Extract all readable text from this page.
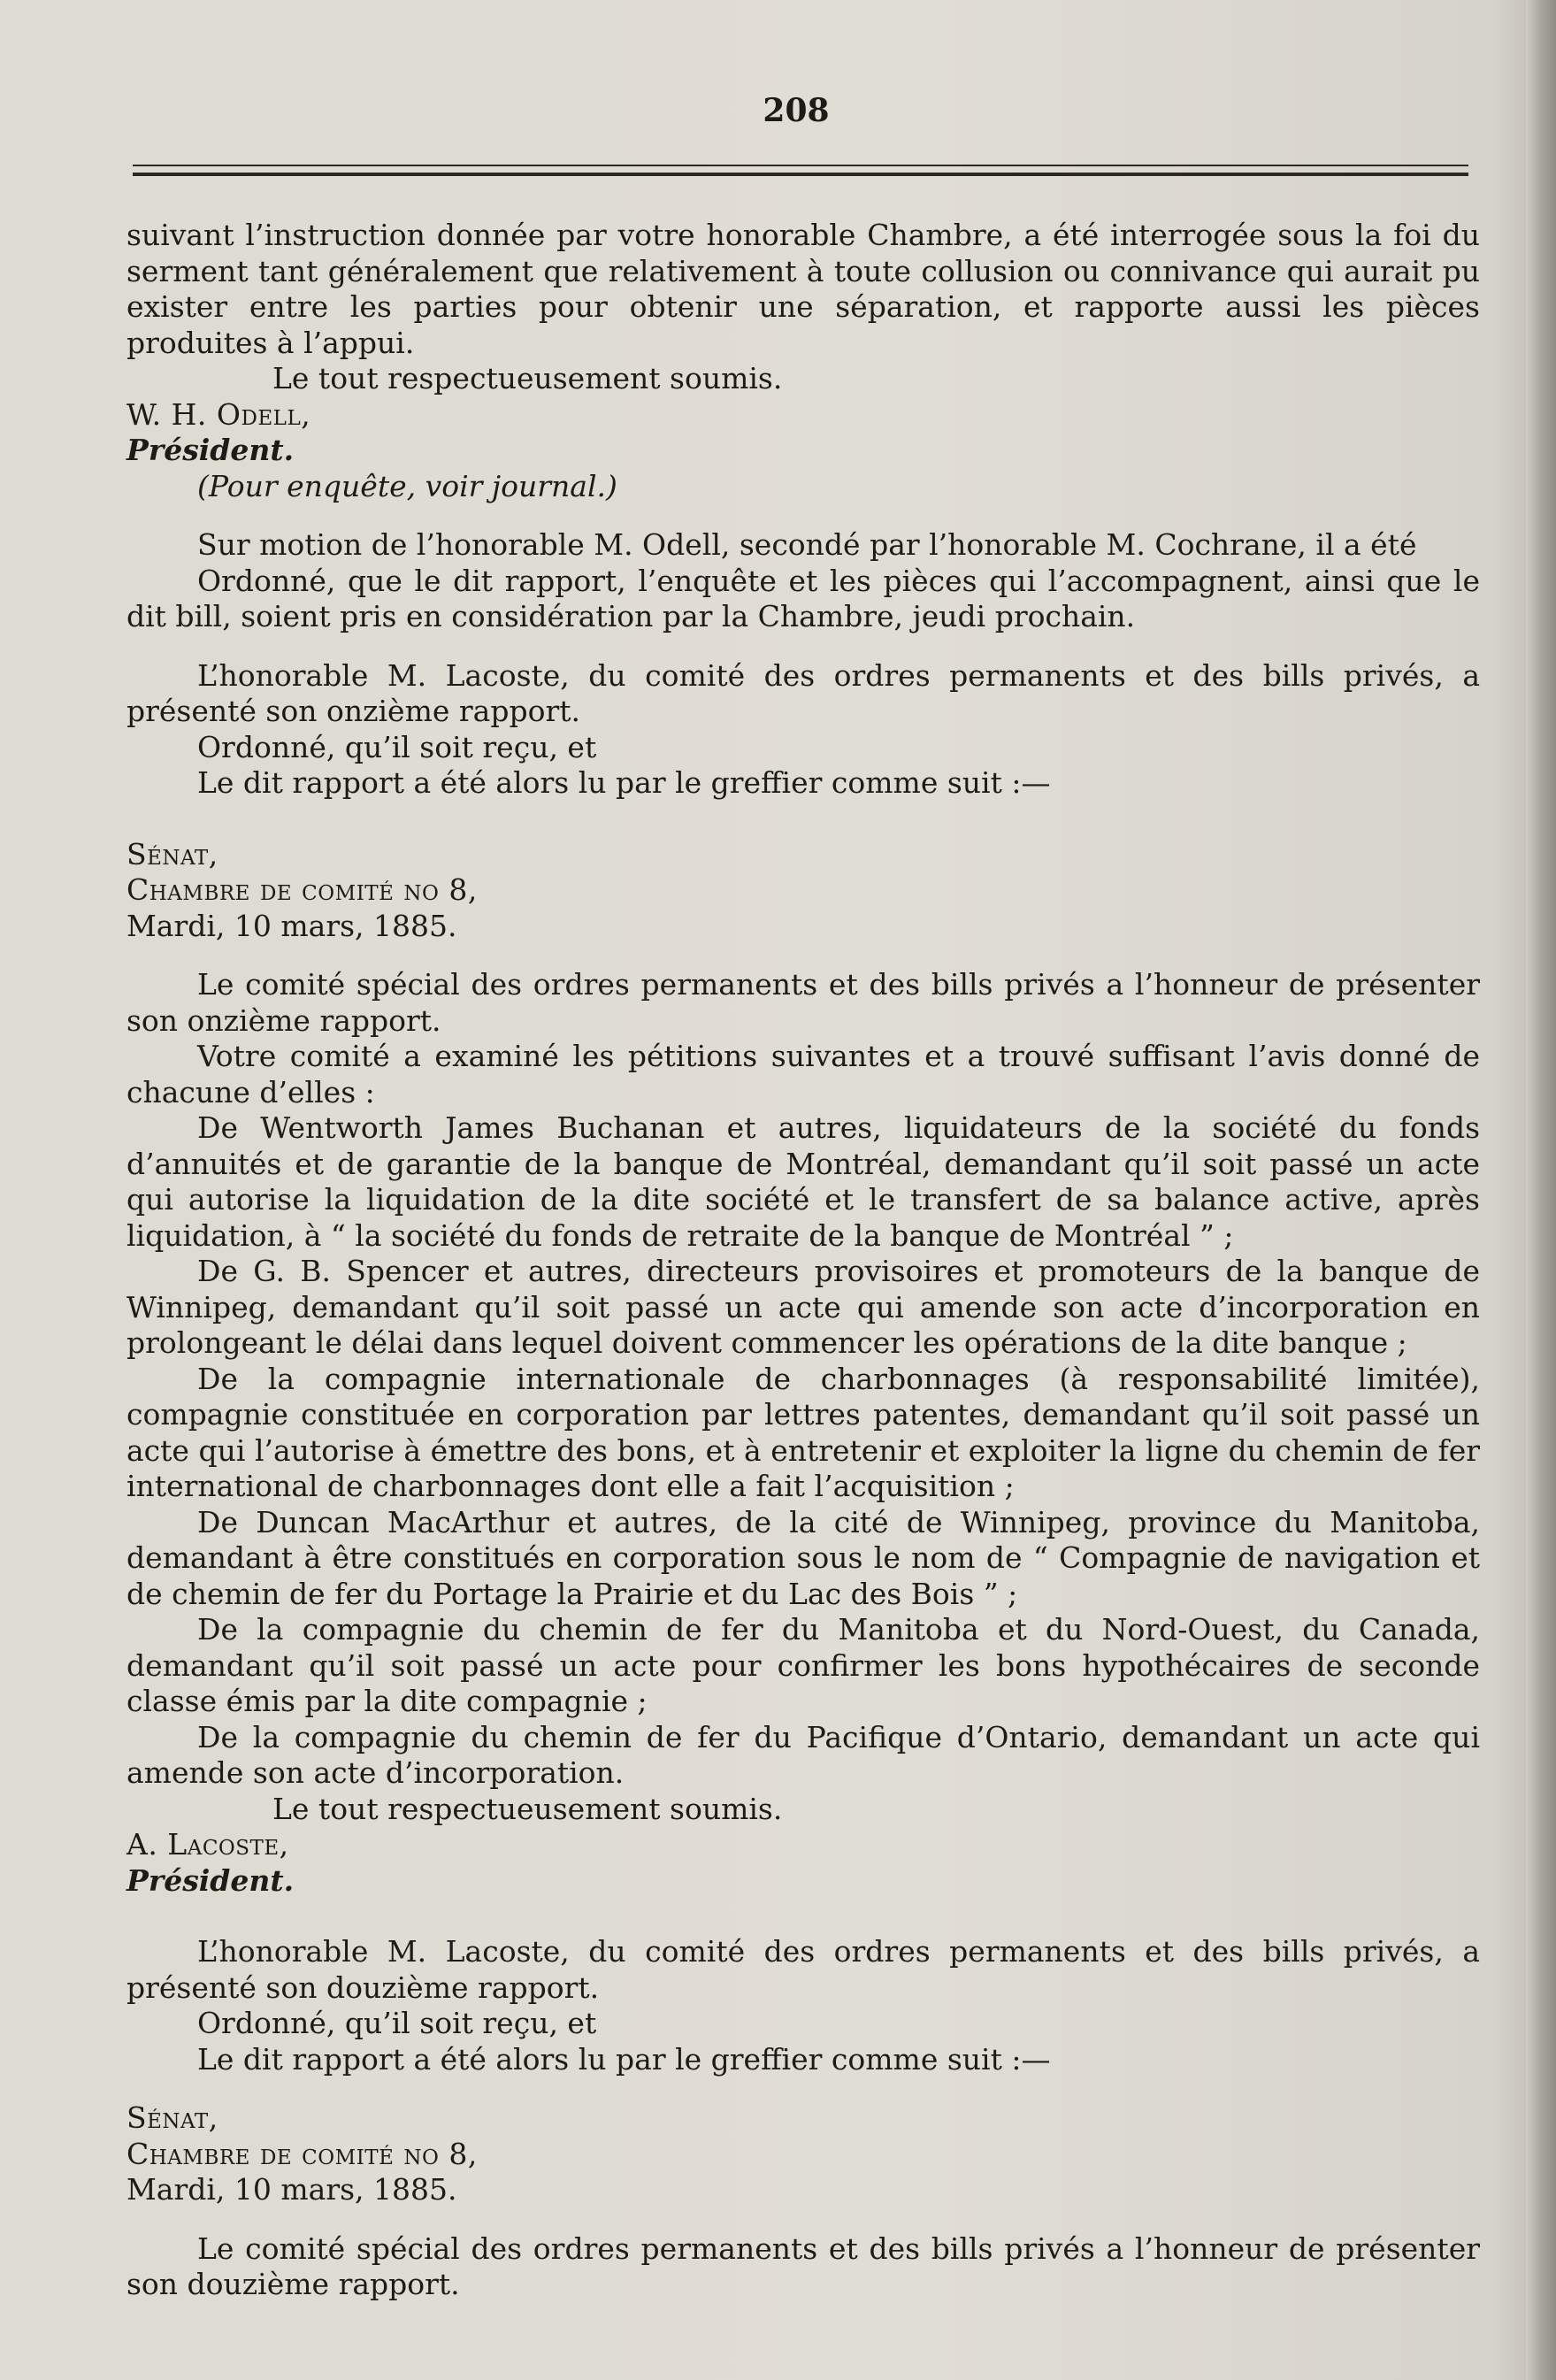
208

suivant l’instruction donnée par votre honorable Chambre, a été interrogée sous la foi du serment tant généralement que relativement à toute collusion ou connivance qui aurait pu exister entre les parties pour obtenir une séparation, et rapporte aussi les pièces produites à l’appui.

Le tout respectueusement soumis.

W. H. Odell,

Président.

(Pour enquête, voir journal.)

Sur motion de l’honorable M. Odell, secondé par l’honorable M. Cochrane, il a été

Ordonné, que le dit rapport, l’enquête et les pièces qui l’accompagnent, ainsi que le dit bill, soient pris en considération par la Chambre, jeudi prochain.

L’honorable M. Lacoste, du comité des ordres permanents et des bills privés, a présenté son onzième rapport.

Ordonné, qu’il soit reçu, et

Le dit rapport a été alors lu par le greffier comme suit :—

Sénat,

Chambre de comité no 8,

Mardi, 10 mars, 1885.

Le comité spécial des ordres permanents et des bills privés a l’honneur de présenter son onzième rapport.

Votre comité a examiné les pétitions suivantes et a trouvé suffisant l’avis donné de chacune d’elles :

De Wentworth James Buchanan et autres, liquidateurs de la société du fonds d’annuités et de garantie de la banque de Montréal, demandant qu’il soit passé un acte qui autorise la liquidation de la dite société et le transfert de sa balance active, après liquidation, à “ la société du fonds de retraite de la banque de Montréal ” ;

De G. B. Spencer et autres, directeurs provisoires et promoteurs de la banque de Winnipeg, demandant qu’il soit passé un acte qui amende son acte d’incorporation en prolongeant le délai dans lequel doivent commencer les opérations de la dite banque ;

De la compagnie internationale de charbonnages (à responsabilité limitée), compagnie constituée en corporation par lettres patentes, demandant qu’il soit passé un acte qui l’autorise à émettre des bons, et à entretenir et exploiter la ligne du chemin de fer international de charbonnages dont elle a fait l’acquisition ;

De Duncan MacArthur et autres, de la cité de Winnipeg, province du Manitoba, demandant à être constitués en corporation sous le nom de “ Compagnie de navigation et de chemin de fer du Portage la Prairie et du Lac des Bois ” ;

De la compagnie du chemin de fer du Manitoba et du Nord-Ouest, du Canada, demandant qu’il soit passé un acte pour confirmer les bons hypothécaires de seconde classe émis par la dite compagnie ;

De la compagnie du chemin de fer du Pacifique d’Ontario, demandant un acte qui amende son acte d’incorporation.

Le tout respectueusement soumis.

A. Lacoste,

Président.

L’honorable M. Lacoste, du comité des ordres permanents et des bills privés, a présenté son douzième rapport.

Ordonné, qu’il soit reçu, et

Le dit rapport a été alors lu par le greffier comme suit :—

Sénat,

Chambre de comité no 8,

Mardi, 10 mars, 1885.

Le comité spécial des ordres permanents et des bills privés a l’honneur de présenter son douzième rapport.
